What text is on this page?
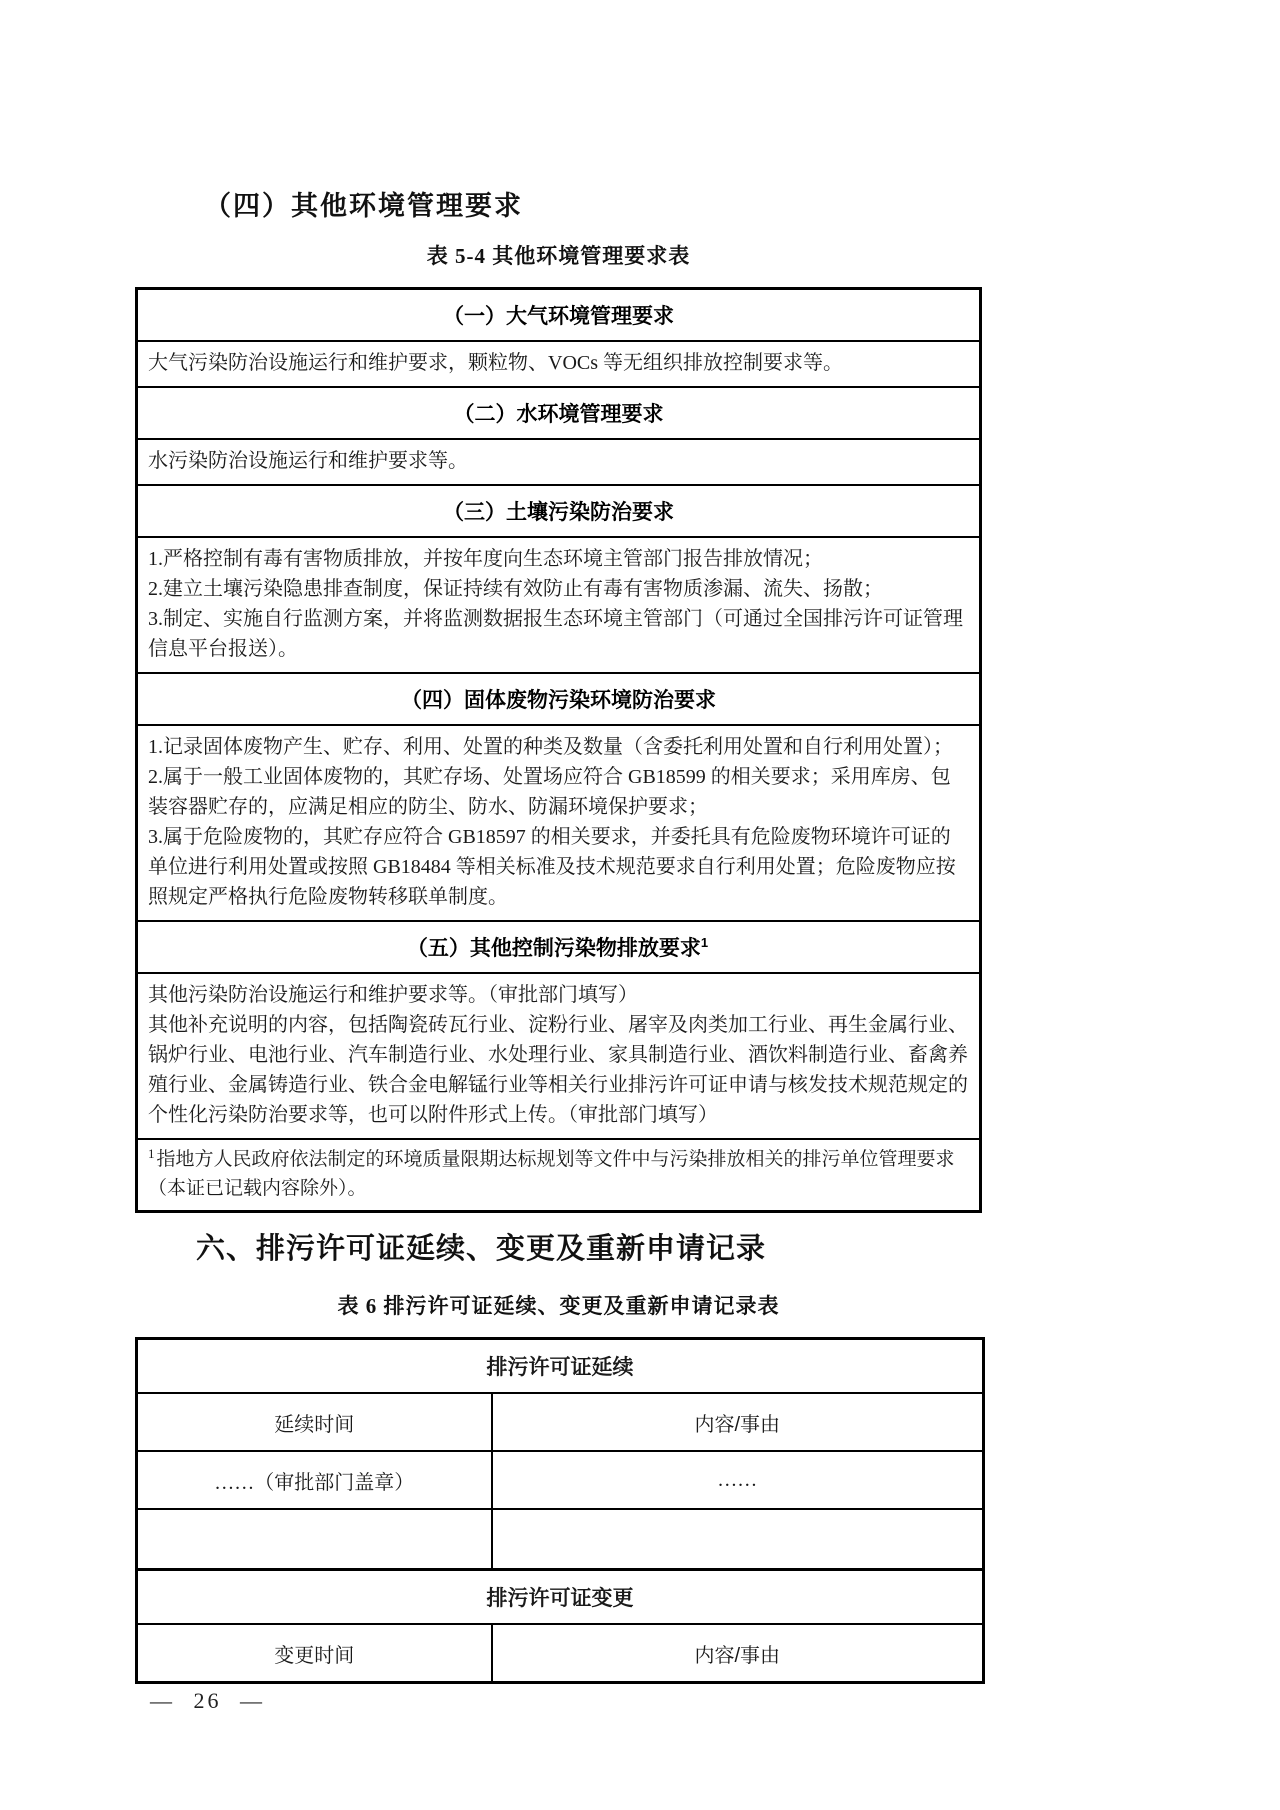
（四）其他环境管理要求
表 5-4 其他环境管理要求表
（一）大气环境管理要求

大气污染防治设施运行和维护要求，颗粒物、VOCs 等无组织排放控制要求等。

（二）水环境管理要求

水污染防治设施运行和维护要求等。

（三）土壤污染防治要求

1.严格控制有毒有害物质排放，并按年度向生态环境主管部门报告排放情况；
2.建立土壤污染隐患排查制度，保证持续有效防止有毒有害物质渗漏、流失、扬散；
3.制定、实施自行监测方案，并将监测数据报生态环境主管部门（可通过全国排污许可证管理信息平台报送）。

（四）固体废物污染环境防治要求

1.记录固体废物产生、贮存、利用、处置的种类及数量（含委托利用处置和自行利用处置）；
2.属于一般工业固体废物的，其贮存场、处置场应符合 GB18599 的相关要求；采用库房、包装容器贮存的，应满足相应的防尘、防水、防漏环境保护要求；
3.属于危险废物的，其贮存应符合 GB18597 的相关要求，并委托具有危险废物环境许可证的单位进行利用处置或按照 GB18484 等相关标准及技术规范要求自行利用处置；危险废物应按照规定严格执行危险废物转移联单制度。

（五）其他控制污染物排放要求$^1$

其他污染防治设施运行和维护要求等。（审批部门填写）
其他补充说明的内容，包括陶瓷砖瓦行业、淀粉行业、屠宰及肉类加工行业、再生金属行业、锅炉行业、电池行业、汽车制造行业、水处理行业、家具制造行业、酒饮料制造行业、畜禽养殖行业、金属铸造行业、铁合金电解锰行业等相关行业排污许可证申请与核发技术规范规定的个性化污染防治要求等，也可以附件形式上传。（审批部门填写）

$^1$ 指地方人民政府依法制定的环境质量限期达标规划等文件中与污染排放相关的排污单位管理要求（本证已记载内容除外）。
六、排污许可证延续、变更及重新申请记录
表 6 排污许可证延续、变更及重新申请记录表
排污许可证延续	
延续时间	内容/事由
……（审批部门盖章）	……

排污许可证变更	
变更时间	内容/事由
— 26 —
